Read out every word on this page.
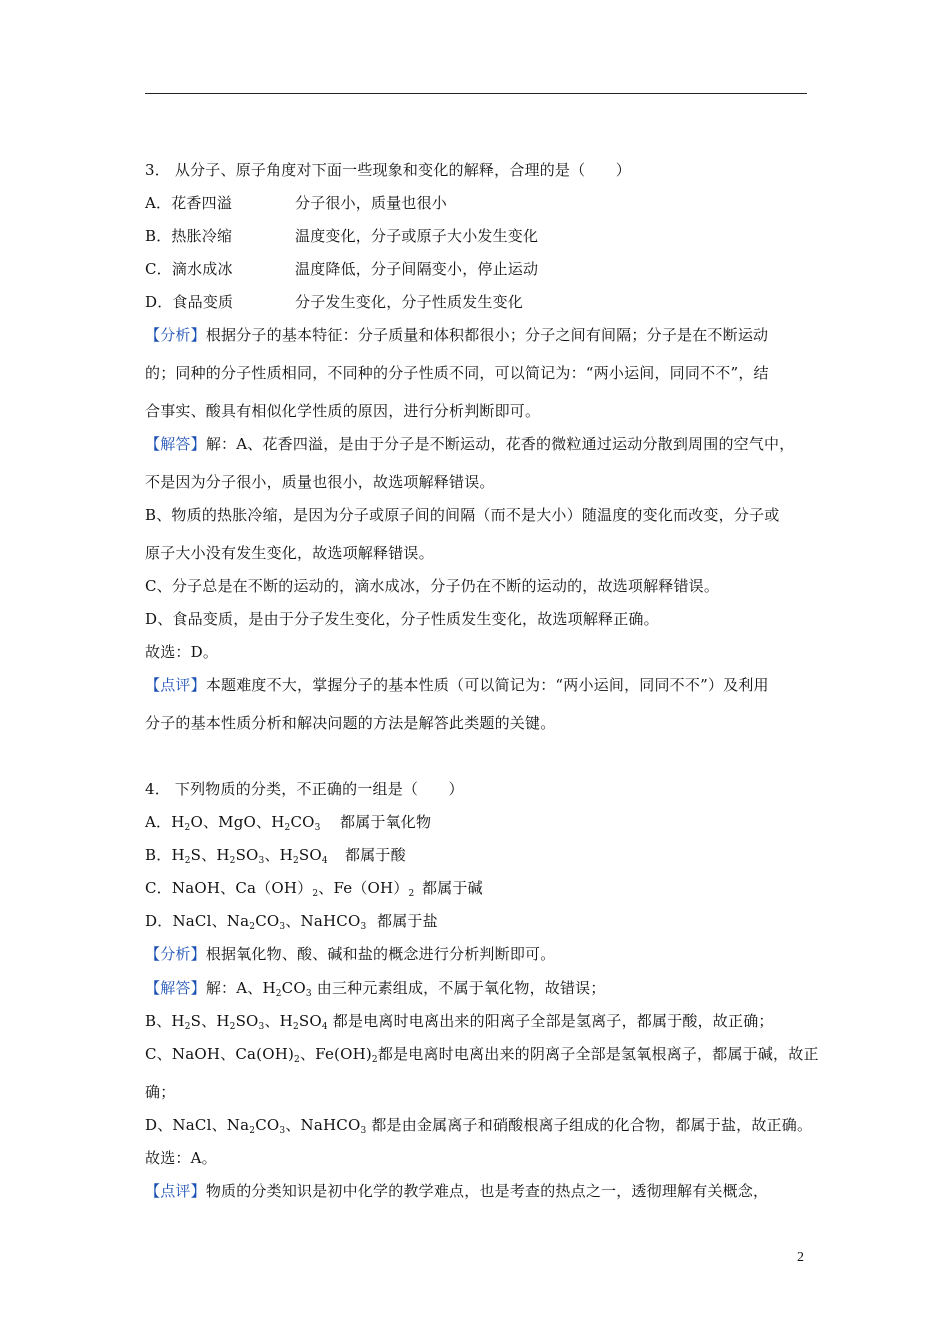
3． 从分子、原子角度对下面一些现象和变化的解释，合理的是（　　）
A．花香四溢	分子很小，质量也很小
B．热胀冷缩	温度变化，分子或原子大小发生变化
C．滴水成冰	温度降低，分子间隔变小，停止运动
D．食品变质	分子发生变化，分子性质发生变化
【分析】根据分子的基本特征：分子质量和体积都很小；分子之间有间隔；分子是在不断运动
的；同种的分子性质相同，不同种的分子性质不同，可以简记为：“两小运间，同同不不”，结
合事实、酸具有相似化学性质的原因，进行分析判断即可。
【解答】解：A、花香四溢，是由于分子是不断运动，花香的微粒通过运动分散到周围的空气中，
不是因为分子很小，质量也很小，故选项解释错误。
B、物质的热胀冷缩，是因为分子或原子间的间隔（而不是大小）随温度的变化而改变，分子或
原子大小没有发生变化，故选项解释错误。
C、分子总是在不断的运动的，滴水成冰，分子仍在不断的运动的，故选项解释错误。
D、食品变质，是由于分子发生变化，分子性质发生变化，故选项解释正确。
故选：D。
【点评】本题难度不大，掌握分子的基本性质（可以简记为：“两小运间，同同不不”）及利用
分子的基本性质分析和解决问题的方法是解答此类题的关键。
4． 下列物质的分类，不正确的一组是（　　）
A．$H_2O$、MgO、$H_2CO_3$ 都属于氧化物
B．$H_2S$、$H_2SO_3$、$H_2SO_4$ 都属于酸
C．NaOH、$Ca(OH)_2$、$Fe(OH)_2$ 都属于碱
D．NaCl、$Na_2CO_3$、NaHCO$_3$ 都属于盐
【分析】根据氧化物、酸、碱和盐的概念进行分析判断即可。
【解答】解：A、$H_2CO_3$ 由三种元素组成，不属于氧化物，故错误；
B、$H_2S$、$H_2SO_3$、$H_2SO_4$ 都是电离时电离出来的阳离子全部是氢离子，都属于酸，故正确；
C、NaOH、$Ca(OH)_2$、$Fe(OH)_2$都是电离时电离出来的阴离子全部是氢氧根离子，都属于碱，故正
确；
D、NaCl、$Na_2CO_3$、NaHCO$_3$ 都是由金属离子和硝酸根离子组成的化合物，都属于盐，故正确。
故选：A。
【点评】物质的分类知识是初中化学的教学难点，也是考查的热点之一，透彻理解有关概念，
2
